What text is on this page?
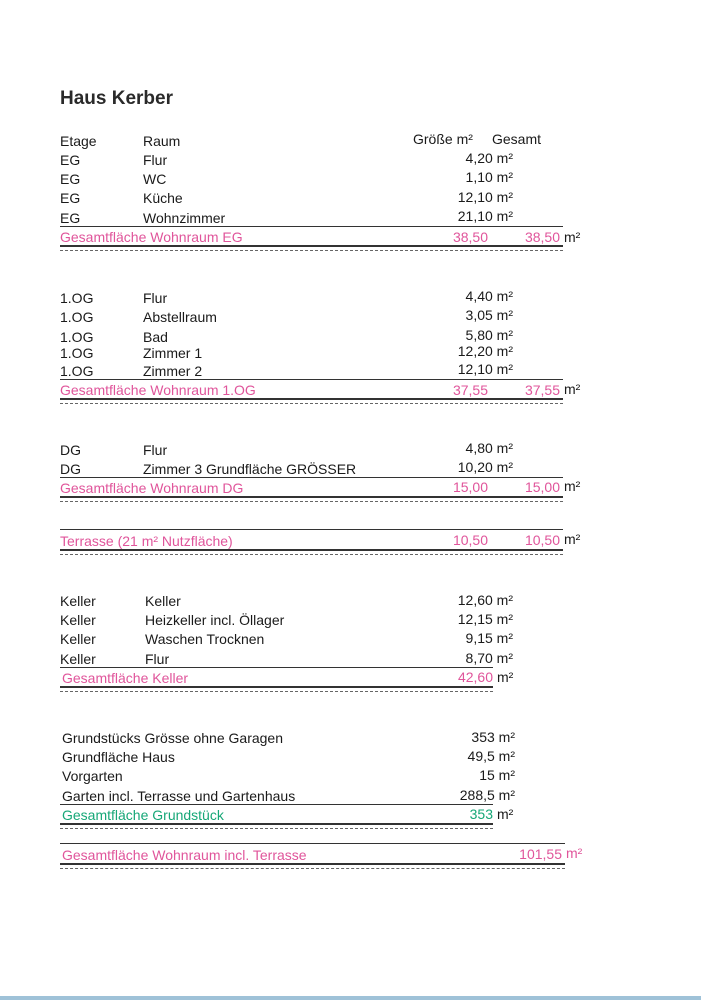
Haus Kerber
Etage	Raum	Größe m² Gesamt
EG	Flur	4,20 m²
EG	WC	1,10 m²
EG	Küche	12,10 m²
EG	Wohnzimmer	21,10 m²
Gesamtfläche Wohnraum EG	38,50	38,50 m²
1.OG	Flur	4,40 m²
1.OG	Abstellraum	3,05 m²
1.OG	Bad	5,80 m²
1.OG	Zimmer 1	12,20 m²
1.OG	Zimmer 2	12,10 m²
Gesamtfläche Wohnraum 1.OG	37,55	37,55 m²
DG	Flur	4,80 m²
DG	Zimmer 3 Grundfläche GRÖSSER	10,20 m²
Gesamtfläche Wohnraum DG	15,00	15,00 m²
Terrasse (21 m² Nutzfläche)	10,50	10,50 m²
Keller	Keller	12,60 m²
Keller	Heizkeller incl. Öllager	12,15 m²
Keller	Waschen Trocknen	9,15 m²
Keller	Flur	8,70 m²
Gesamtfläche Keller	42,60 m²
Grundstücks Grösse ohne Garagen	353 m²
Grundfläche Haus	49,5 m²
Vorgarten	15 m²
Garten incl. Terrasse und Gartenhaus	288,5 m²
Gesamtfläche Grundstück	353 m²
Gesamtfläche Wohnraum incl. Terrasse	101,55 m²
